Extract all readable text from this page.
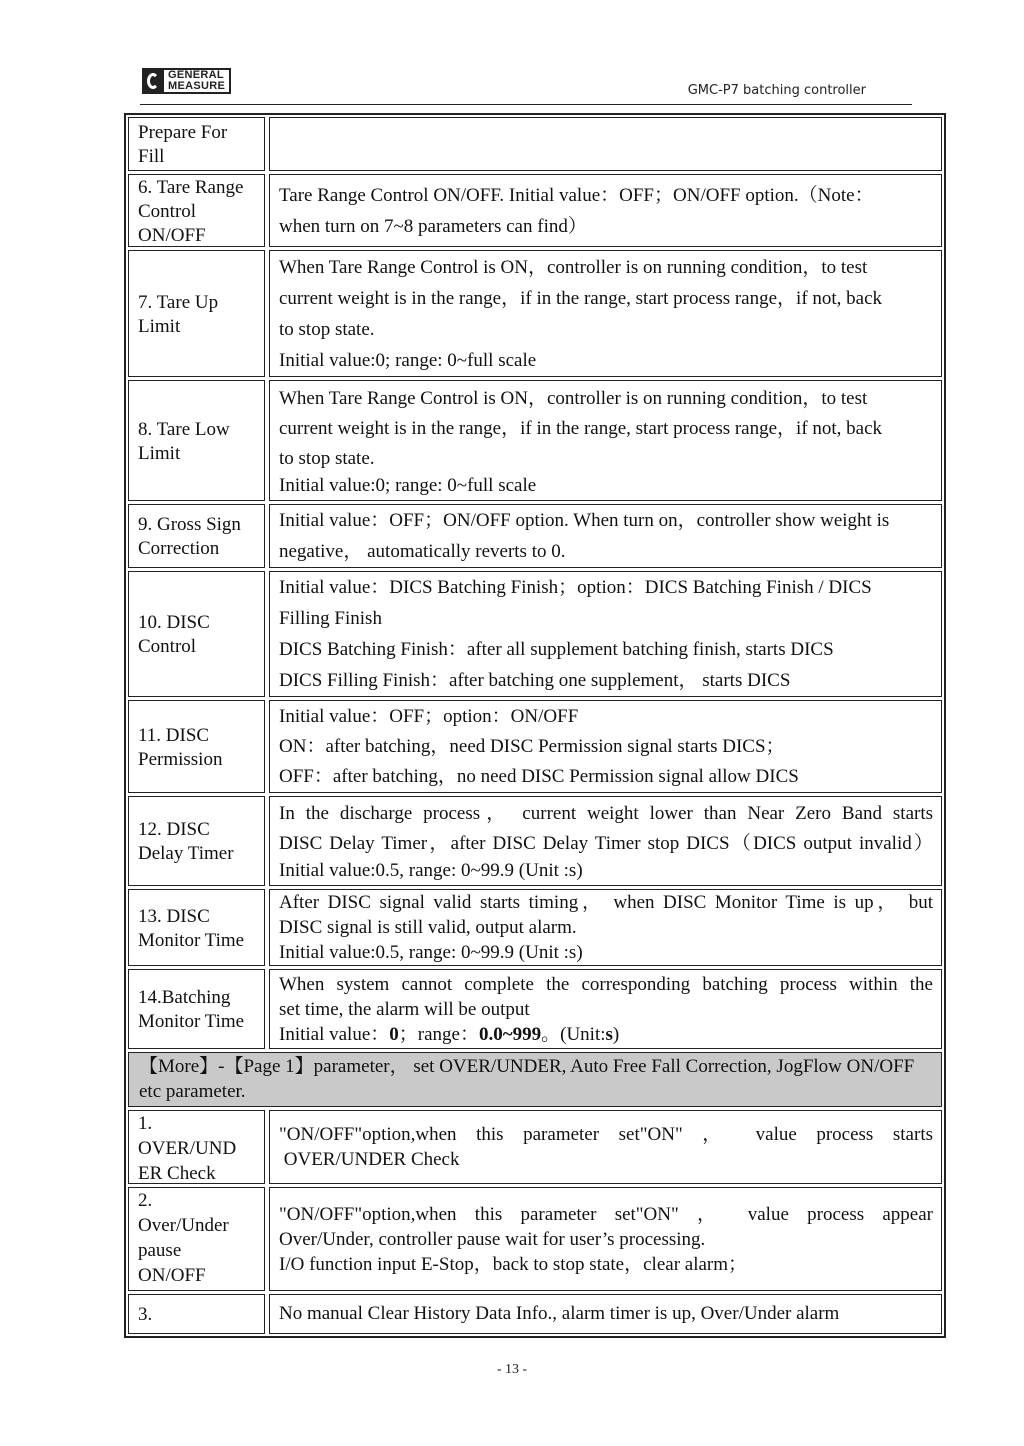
GENERAL
MEASURE	GMC-P7 batching controller
Prepare For
Fill
6. Tare Range
Control
ON/OFF
Tare Range Control ON/OFF. Initial value：OFF；ON/OFF option.（Note：
when turn on 7~8 parameters can find）
7. Tare Up
Limit
When Tare Range Control is ON，controller is on running condition，to test
current weight is in the range，if in the range, start process range，if not, back
to stop state.
Initial value:0; range: 0~full scale
8. Tare Low
Limit
When Tare Range Control is ON，controller is on running condition，to test
current weight is in the range，if in the range, start process range，if not, back
to stop state.
Initial value:0; range: 0~full scale
9. Gross Sign
Correction
Initial value：OFF；ON/OFF option. When turn on，controller show weight is
negative， automatically reverts to 0.
10. DISC
Control
Initial value：DICS Batching Finish；option：DICS Batching Finish / DICS
Filling Finish
DICS Batching Finish：after all supplement batching finish, starts DICS
DICS Filling Finish：after batching one supplement， starts DICS
11. DISC
Permission
Initial value：OFF；option：ON/OFF
ON：after batching，need DISC Permission signal starts DICS；
OFF：after batching，no need DISC Permission signal allow DICS
12. DISC
Delay Timer
In the discharge process， current weight lower than Near Zero Band starts
DISC Delay Timer，after DISC Delay Timer stop DICS（DICS output invalid）
Initial value:0.5, range: 0~99.9 (Unit :s)
13. DISC
Monitor Time
After DISC signal valid starts timing， when DISC Monitor Time is up， but
DISC signal is still valid, output alarm.
Initial value:0.5, range: 0~99.9 (Unit :s)
14.Batching
Monitor Time
When system cannot complete the corresponding batching process within the
set time, the alarm will be output
Initial value：0；range：0.0~999。(Unit:s)
【More】-【Page 1】parameter， set OVER/UNDER, Auto Free Fall Correction, JogFlow ON/OFF etc parameter.
1.
OVER/UND
ER Check
"ON/OFF"option,when this parameter set"ON" ， value process starts
OVER/UNDER Check
2.
Over/Under
pause
ON/OFF
"ON/OFF"option,when this parameter set"ON" ， value process appear
Over/Under, controller pause wait for user’s processing.
I/O function input E-Stop，back to stop state，clear alarm；
3.	No manual Clear History Data Info., alarm timer is up, Over/Under alarm
- 13 -
